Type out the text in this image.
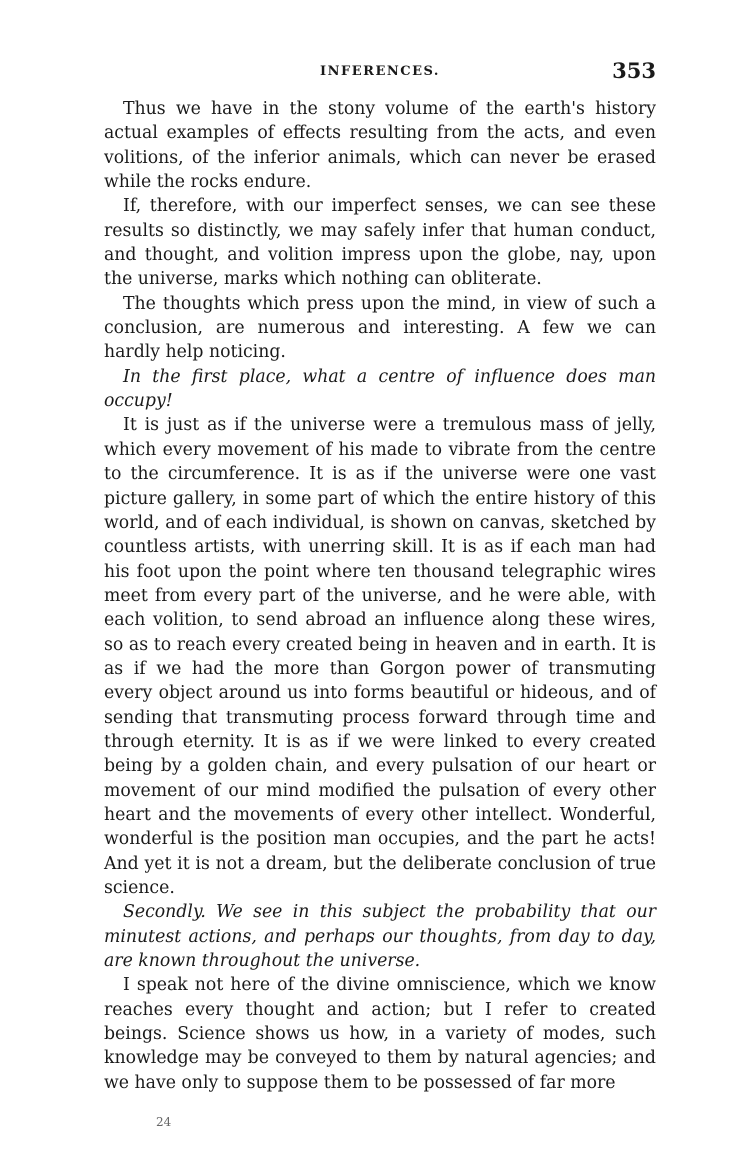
INFERENCES.	353

Thus we have in the stony volume of the earth's history actual examples of effects resulting from the acts, and even volitions, of the inferior animals, which can never be erased while the rocks endure.

If, therefore, with our imperfect senses, we can see these results so distinctly, we may safely infer that human conduct, and thought, and volition impress upon the globe, nay, upon the universe, marks which nothing can obliterate.

The thoughts which press upon the mind, in view of such a conclusion, are numerous and interesting. A few we can hardly help noticing.

In the first place, what a centre of influence does man occupy!

It is just as if the universe were a tremulous mass of jelly, which every movement of his made to vibrate from the centre to the circumference. It is as if the universe were one vast picture gallery, in some part of which the entire history of this world, and of each individual, is shown on canvas, sketched by countless artists, with unerring skill. It is as if each man had his foot upon the point where ten thousand telegraphic wires meet from every part of the universe, and he were able, with each volition, to send abroad an influence along these wires, so as to reach every created being in heaven and in earth. It is as if we had the more than Gorgon power of transmuting every object around us into forms beautiful or hideous, and of sending that transmuting process forward through time and through eternity. It is as if we were linked to every created being by a golden chain, and every pulsation of our heart or movement of our mind modified the pulsation of every other heart and the movements of every other intellect. Wonderful, wonderful is the position man occupies, and the part he acts! And yet it is not a dream, but the deliberate conclusion of true science.

Secondly. We see in this subject the probability that our minutest actions, and perhaps our thoughts, from day to day, are known throughout the universe.

I speak not here of the divine omniscience, which we know reaches every thought and action; but I refer to created beings. Science shows us how, in a variety of modes, such knowledge may be conveyed to them by natural agencies; and we have only to suppose them to be possessed of far more

24
